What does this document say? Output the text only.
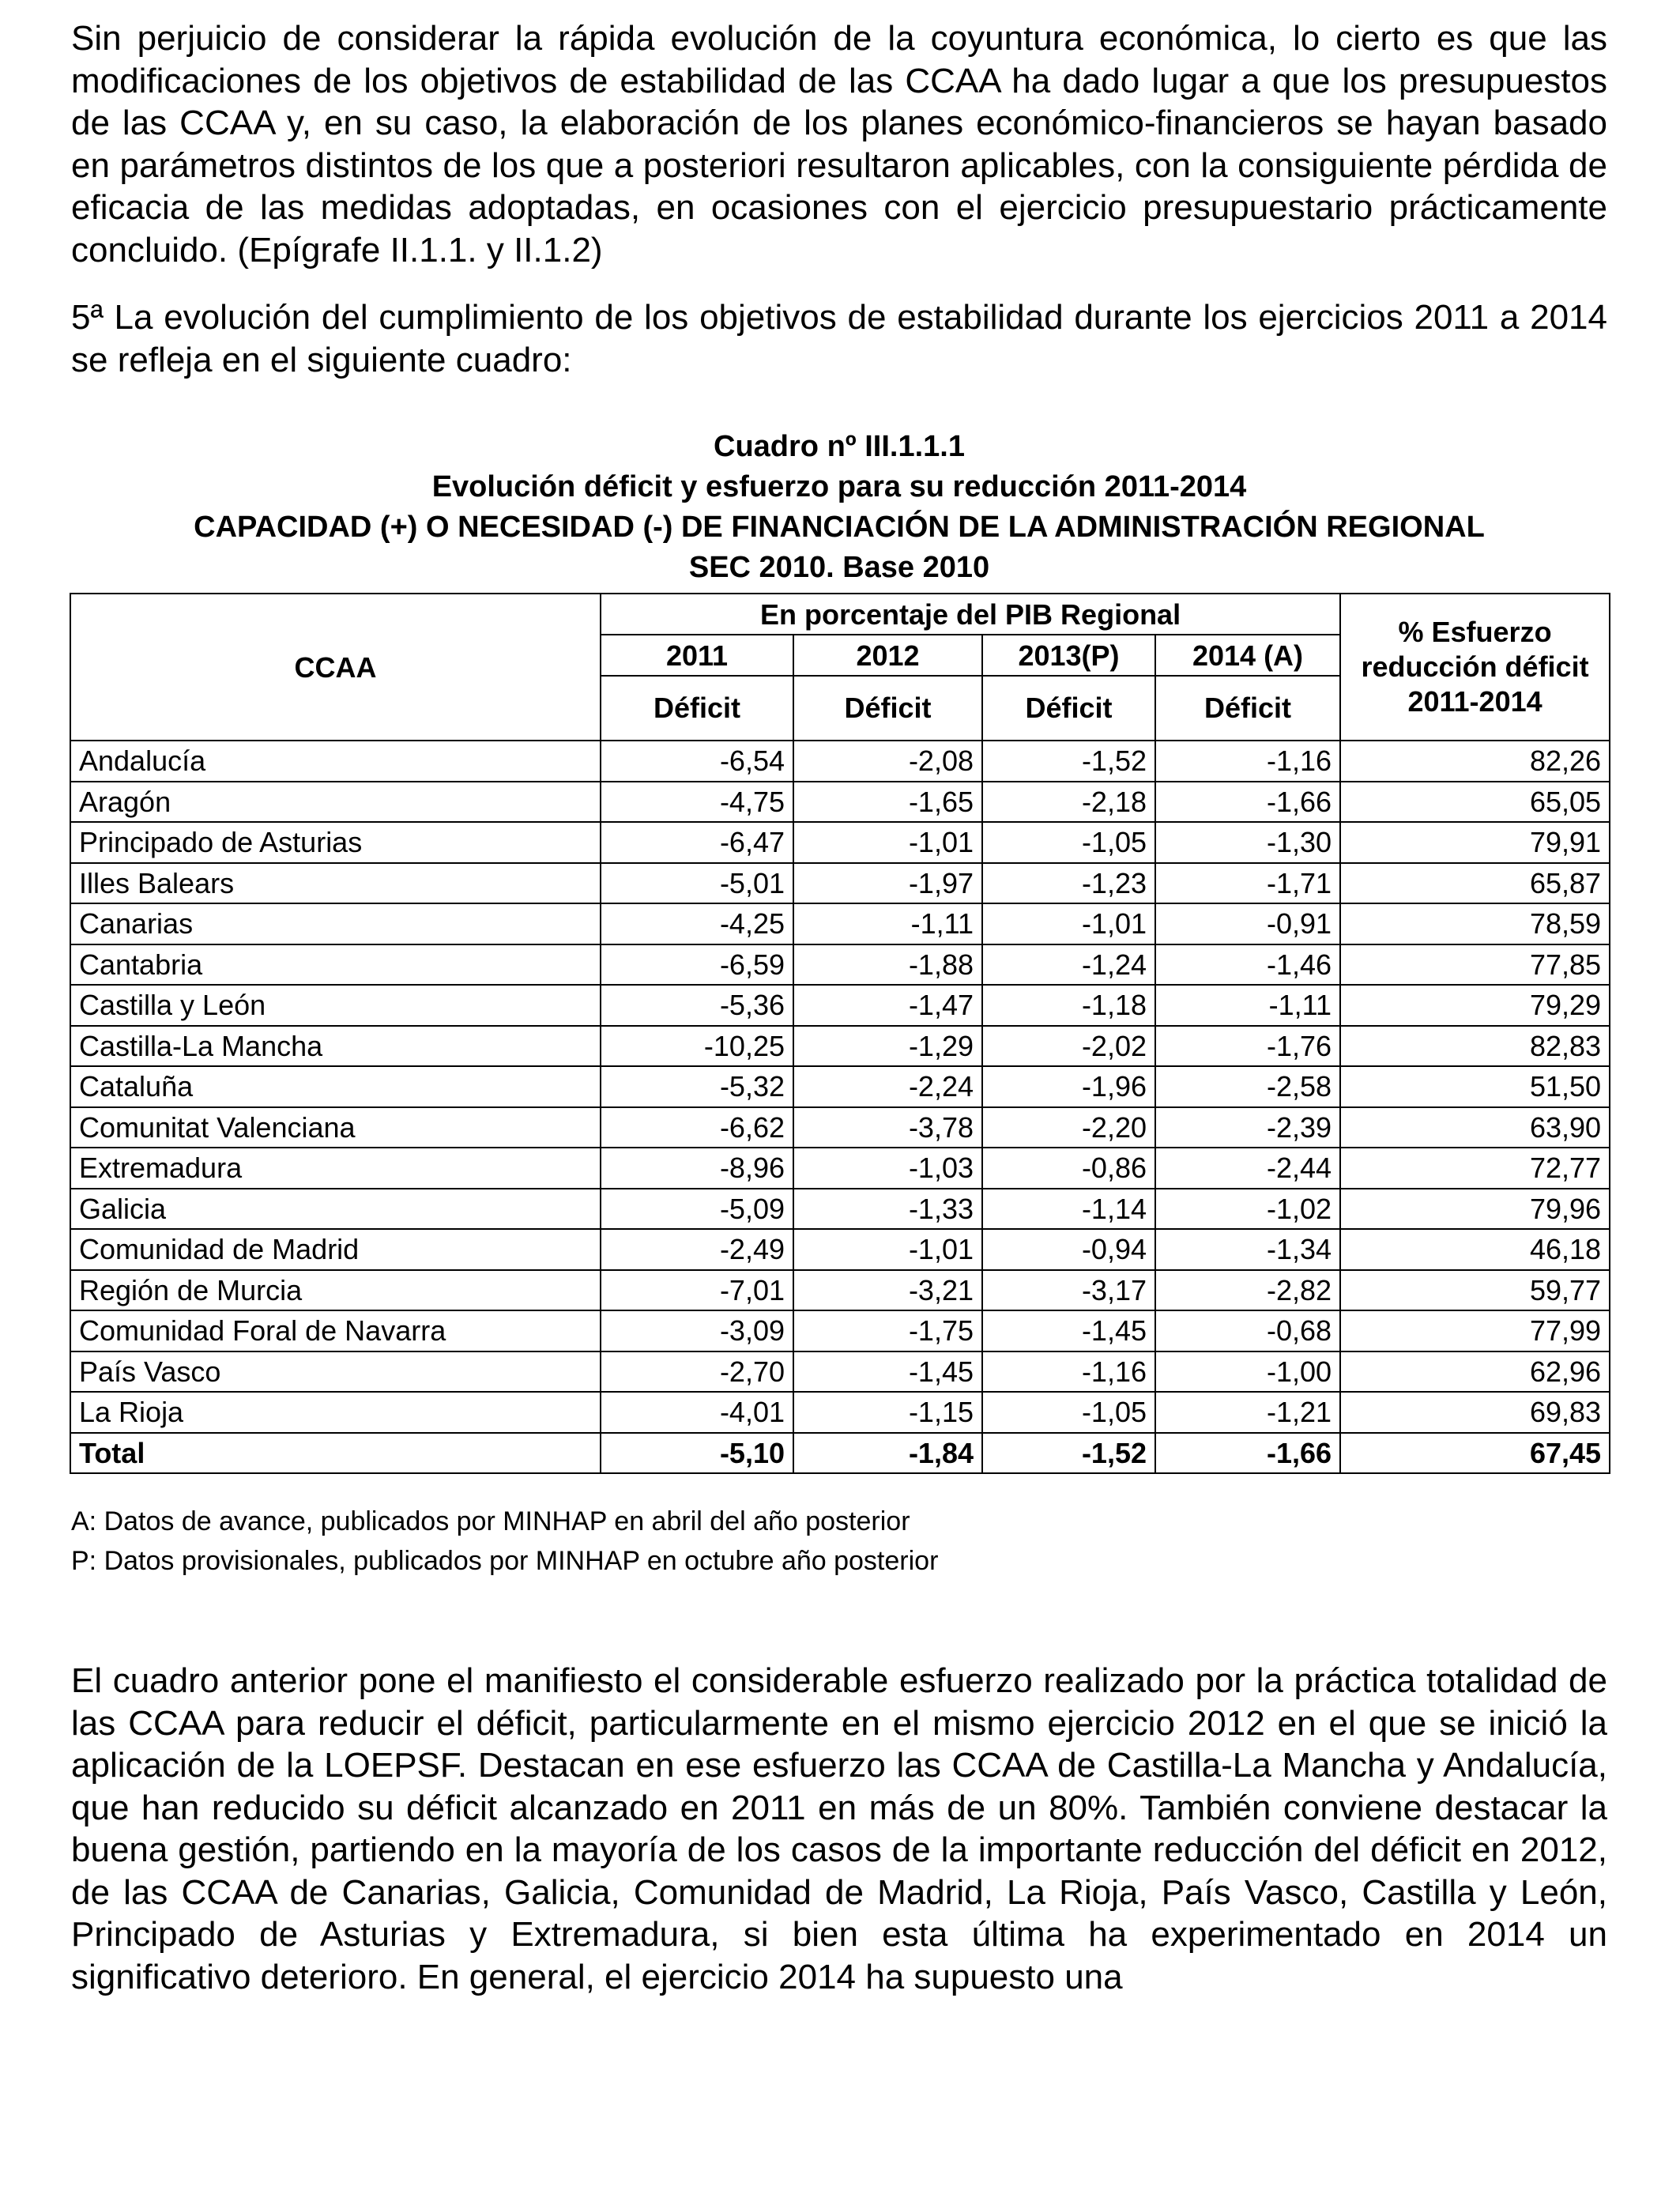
Sin perjuicio de considerar la rápida evolución de la coyuntura económica, lo cierto es que las modificaciones de los objetivos de estabilidad de las CCAA ha dado lugar a que los presupuestos de las CCAA y, en su caso, la elaboración de los planes económico-financieros se hayan basado en parámetros distintos de los que a posteriori resultaron aplicables, con la consiguiente pérdida de eficacia de las medidas adoptadas, en ocasiones con el ejercicio presupuestario prácticamente concluido. (Epígrafe II.1.1. y II.1.2)

5ª La evolución del cumplimiento de los objetivos de estabilidad durante los ejercicios 2011 a 2014 se refleja en el siguiente cuadro:

Cuadro nº III.1.1.1
Evolución déficit y esfuerzo para su reducción 2011-2014
CAPACIDAD (+) O NECESIDAD (-) DE FINANCIACIÓN DE LA ADMINISTRACIÓN REGIONAL
SEC 2010. Base 2010
CCAA	En porcentaje del PIB Regional				% Esfuerzo reducción déficit
2011-2014

	2011	2012	2013(P)	2014 (A)	
	Déficit	Déficit	Déficit	Déficit	
Andalucía	-6,54	-2,08	-1,52	-1,16	82,26
Aragón	-4,75	-1,65	-2,18	-1,66	65,05
Principado de Asturias	-6,47	-1,01	-1,05	-1,30	79,91
Illes Balears	-5,01	-1,97	-1,23	-1,71	65,87
Canarias	-4,25	-1,11	-1,01	-0,91	78,59
Cantabria	-6,59	-1,88	-1,24	-1,46	77,85
Castilla y León	-5,36	-1,47	-1,18	-1,11	79,29
Castilla-La Mancha	-10,25	-1,29	-2,02	-1,76	82,83
Cataluña	-5,32	-2,24	-1,96	-2,58	51,50
Comunitat Valenciana	-6,62	-3,78	-2,20	-2,39	63,90
Extremadura	-8,96	-1,03	-0,86	-2,44	72,77
Galicia	-5,09	-1,33	-1,14	-1,02	79,96
Comunidad de Madrid	-2,49	-1,01	-0,94	-1,34	46,18
Región de Murcia	-7,01	-3,21	-3,17	-2,82	59,77
Comunidad Foral de Navarra	-3,09	-1,75	-1,45	-0,68	77,99
País Vasco	-2,70	-1,45	-1,16	-1,00	62,96
La Rioja	-4,01	-1,15	-1,05	-1,21	69,83
Total	-5,10	-1,84	-1,52	-1,66	67,45
A: Datos de avance, publicados por MINHAP en abril del año posterior
P: Datos provisionales, publicados por MINHAP en octubre año posterior

El cuadro anterior pone el manifiesto el considerable esfuerzo realizado por la práctica totalidad de las CCAA para reducir el déficit, particularmente en el mismo ejercicio 2012 en el que se inició la aplicación de la LOEPSF. Destacan en ese esfuerzo las CCAA de Castilla-La Mancha y Andalucía, que han reducido su déficit alcanzado en 2011 en más de un 80%. También conviene destacar la buena gestión, partiendo en la mayoría de los casos de la importante reducción del déficit en 2012, de las CCAA de Canarias, Galicia, Comunidad de Madrid, La Rioja, País Vasco, Castilla y León, Principado de Asturias y Extremadura, si bien esta última ha experimentado en 2014 un significativo deterioro. En general, el ejercicio 2014 ha supuesto una
